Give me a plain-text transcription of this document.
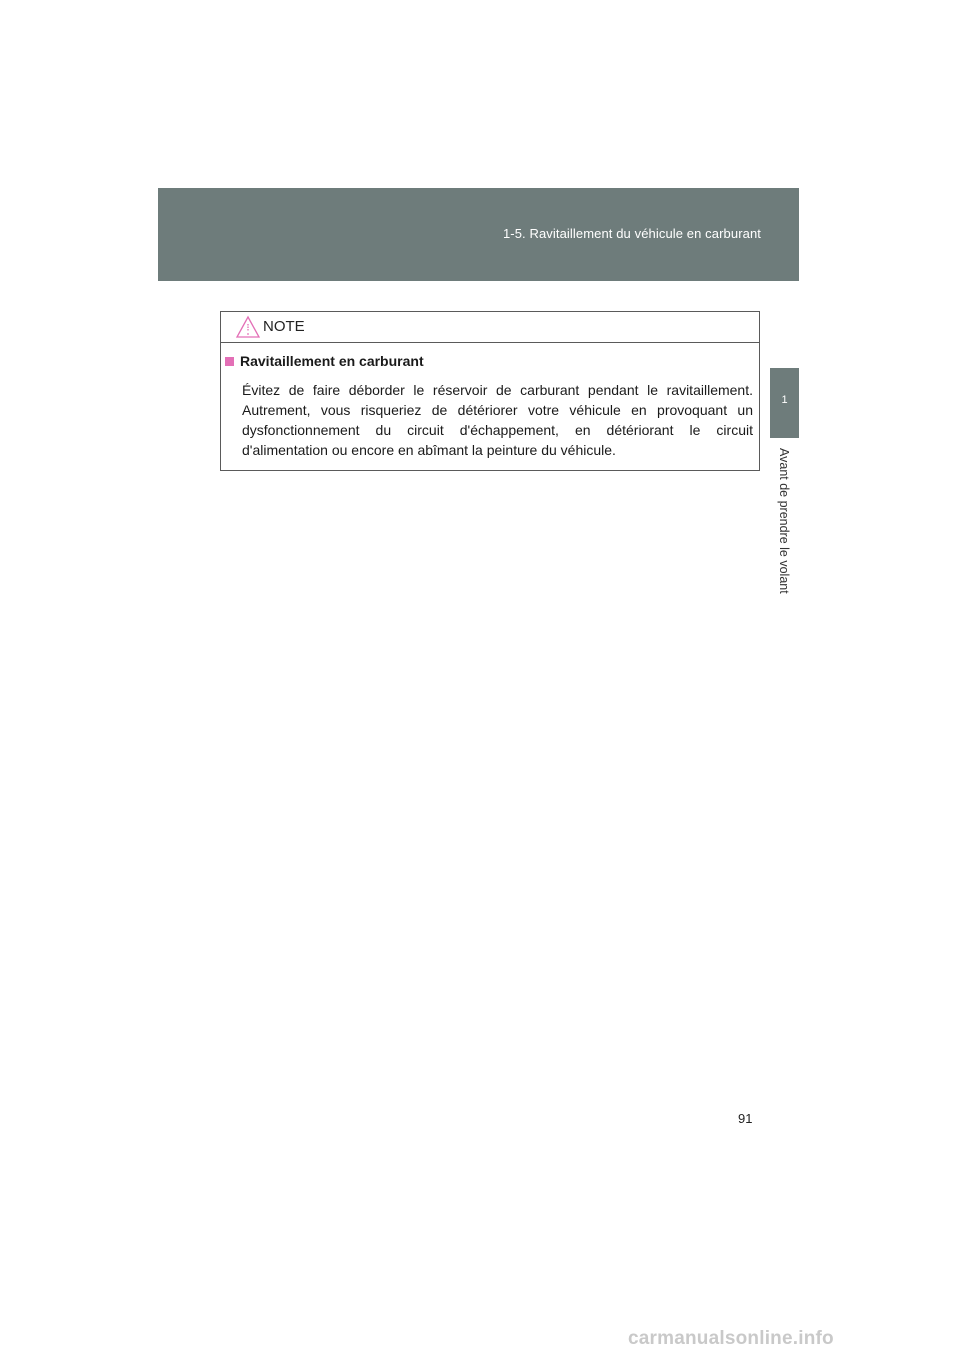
1-5. Ravitaillement du véhicule en carburant
1
Avant de prendre le volant
NOTE
Ravitaillement en carburant

Évitez de faire déborder le réservoir de carburant pendant le ravitaillement. Autrement, vous risqueriez de détériorer votre véhicule en provoquant un dysfonctionnement du circuit d'échappement, en détériorant le circuit d'alimentation ou encore en abîmant la peinture du véhicule.

91
carmanualsonline.info
